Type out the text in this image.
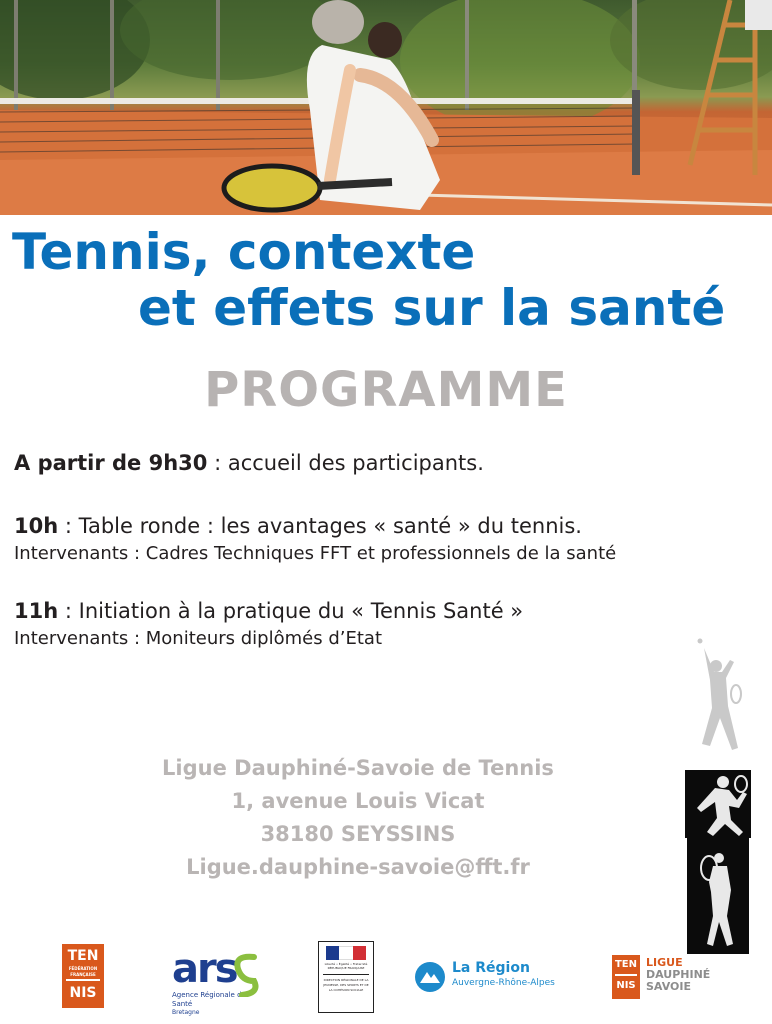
Tennis, contexte
et effets sur la santé
PROGRAMME
A partir de 9h30 : accueil des participants.
10h : Table ronde : les avantages « santé » du tennis.
Intervenants : Cadres Techniques FFT et professionnels de la santé
11h : Initiation à la pratique du « Tennis Santé »
Intervenants : Moniteurs diplômés d’Etat
Ligue Dauphiné-Savoie de Tennis
1, avenue Louis Vicat
38180 SEYSSINS
Ligue.dauphine-savoie@fft.fr
TEN
FÉDÉRATION FRANÇAISE
NIS
ars
Agence Régionale de Santé
Bretagne
Liberté • Égalité • Fraternité
RÉPUBLIQUE FRANÇAISE
DIRECTION RÉGIONALE DE LA JEUNESSE, DES SPORTS ET DE LA COHÉSION SOCIALE
La Région
Auvergne-Rhône-Alpes
TEN
NIS
LIGUE
DAUPHINÉ
SAVOIE
